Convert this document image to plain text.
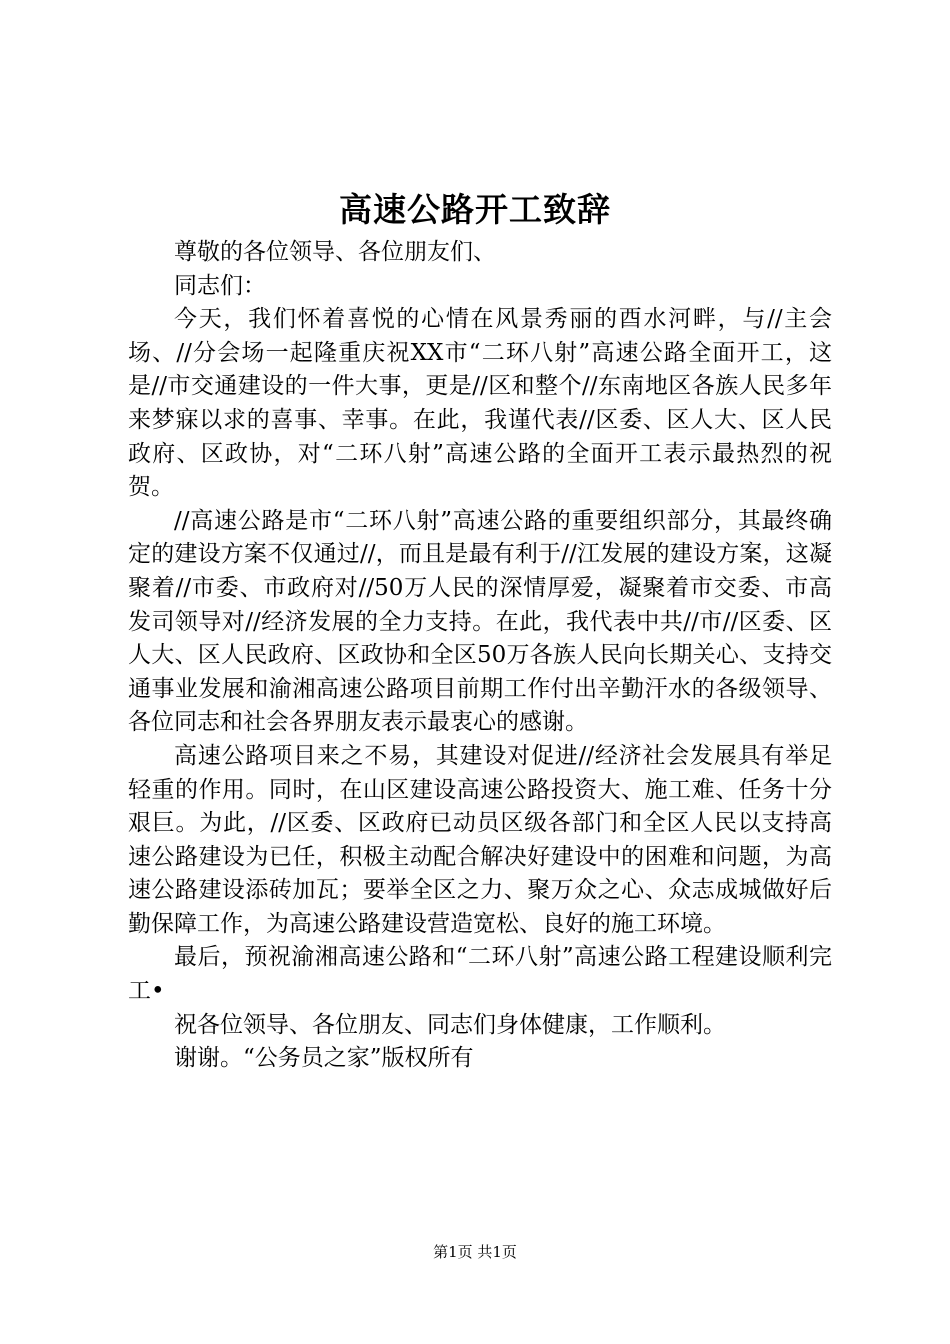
高速公路开工致辞

尊敬的各位领导、各位朋友们、

同志们：

今天，我们怀着喜悦的心情在风景秀丽的酉水河畔，与//主会场、//分会场一起隆重庆祝XX市“二环八射”高速公路全面开工，这是//市交通建设的一件大事，更是//区和整个//东南地区各族人民多年来梦寐以求的喜事、幸事。在此，我谨代表//区委、区人大、区人民政府、区政协，对“二环八射”高速公路的全面开工表示最热烈的祝贺。

//高速公路是市“二环八射”高速公路的重要组织部分，其最终确定的建设方案不仅通过//，而且是最有利于//江发展的建设方案，这凝聚着//市委、市政府对//50万人民的深情厚爱，凝聚着市交委、市高发司领导对//经济发展的全力支持。在此，我代表中共//市//区委、区人大、区人民政府、区政协和全区50万各族人民向长期关心、支持交通事业发展和渝湘高速公路项目前期工作付出辛勤汗水的各级领导、各位同志和社会各界朋友表示最衷心的感谢。

高速公路项目来之不易，其建设对促进//经济社会发展具有举足轻重的作用。同时，在山区建设高速公路投资大、施工难、任务十分艰巨。为此，//区委、区政府已动员区级各部门和全区人民以支持高速公路建设为已任，积极主动配合解决好建设中的困难和问题，为高速公路建设添砖加瓦；要举全区之力、聚万众之心、众志成城做好后勤保障工作，为高速公路建设营造宽松、良好的施工环境。

最后，预祝渝湘高速公路和“二环八射”高速公路工程建设顺利完工•

祝各位领导、各位朋友、同志们身体健康，工作顺利。

谢谢。“公务员之家”版权所有

第1页 共1页
